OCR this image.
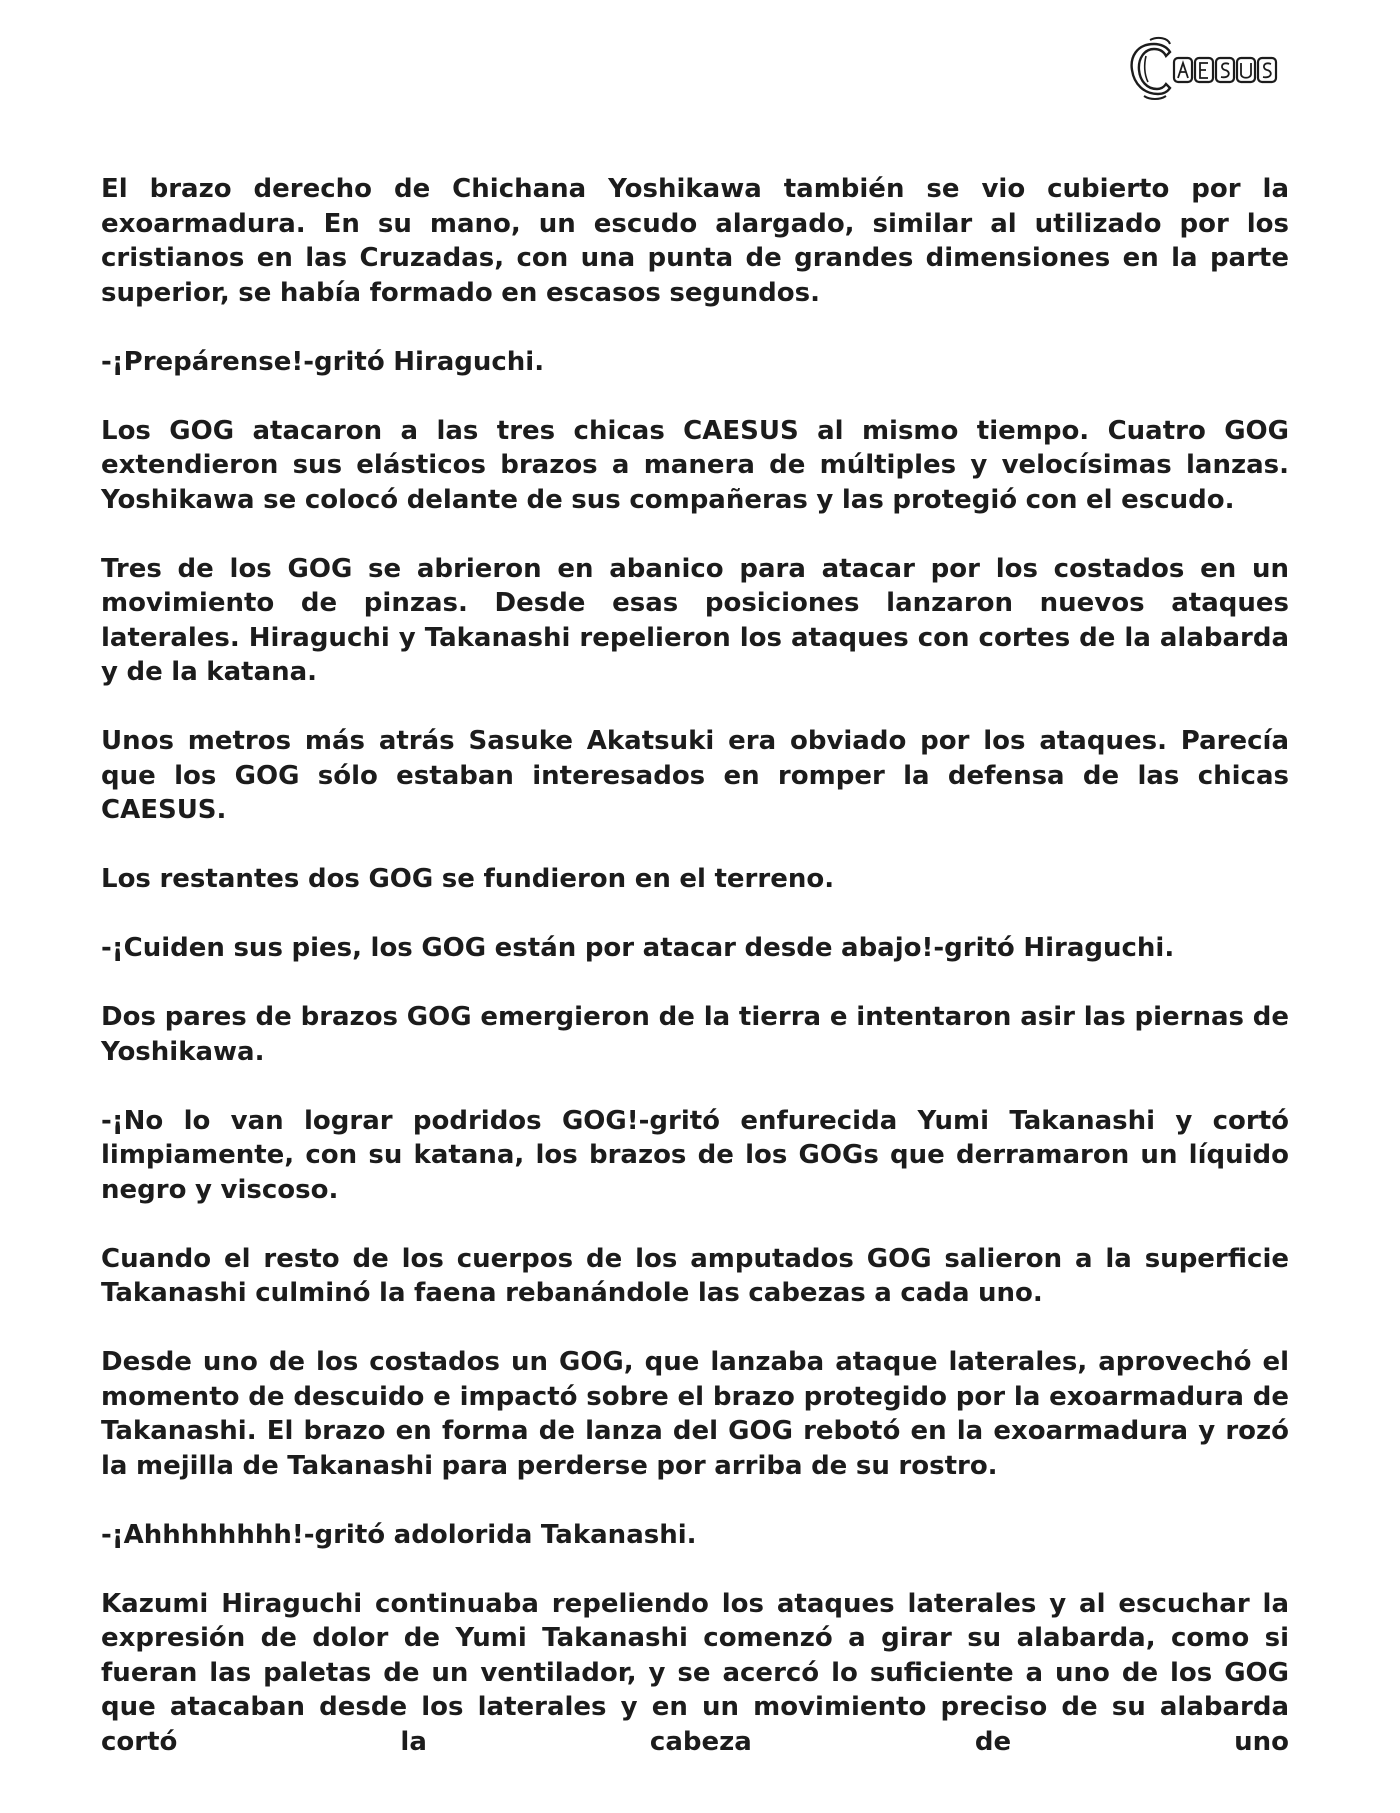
El brazo derecho de Chichana Yoshikawa también se vio cubierto por la exoarmadura. En su mano, un escudo alargado, similar al utilizado por los cristianos en las Cruzadas, con una punta de grandes dimensiones en la parte superior, se había formado en escasos segundos.

-¡Prepárense!-gritó Hiraguchi.

Los GOG atacaron a las tres chicas CAESUS al mismo tiempo. Cuatro GOG extendieron sus elásticos brazos a manera de múltiples y velocísimas lanzas. Yoshikawa se colocó delante de sus compañeras y las protegió con el escudo.

Tres de los GOG se abrieron en abanico para atacar por los costados en un movimiento de pinzas. Desde esas posiciones lanzaron nuevos ataques laterales. Hiraguchi y Takanashi repelieron los ataques con cortes de la alabarda y de la katana.

Unos metros más atrás Sasuke Akatsuki era obviado por los ataques. Parecía que los GOG sólo estaban interesados en romper la defensa de las chicas CAESUS.

Los restantes dos GOG se fundieron en el terreno.

-¡Cuiden sus pies, los GOG están por atacar desde abajo!-gritó Hiraguchi.

Dos pares de brazos GOG emergieron de la tierra e intentaron asir las piernas de Yoshikawa.

-¡No lo van lograr podridos GOG!-gritó enfurecida Yumi Takanashi y cortó limpiamente, con su katana, los brazos de los GOGs que derramaron un líquido negro y viscoso.

Cuando el resto de los cuerpos de los amputados GOG salieron a la superficie Takanashi culminó la faena rebanándole las cabezas a cada uno.

Desde uno de los costados un GOG, que lanzaba ataque laterales, aprovechó el momento de descuido e impactó sobre el brazo protegido por la exoarmadura de Takanashi. El brazo en forma de lanza del GOG rebotó en la exoarmadura y rozó la mejilla de Takanashi para perderse por arriba de su rostro.

-¡Ahhhhhhhh!-gritó adolorida Takanashi.

Kazumi Hiraguchi continuaba repeliendo los ataques laterales y al escuchar la expresión de dolor de Yumi Takanashi comenzó a girar su alabarda, como si fueran las paletas de un ventilador, y se acercó lo suficiente a uno de los GOG que atacaban desde los laterales y en un movimiento preciso de su alabarda cortó la cabeza de uno
